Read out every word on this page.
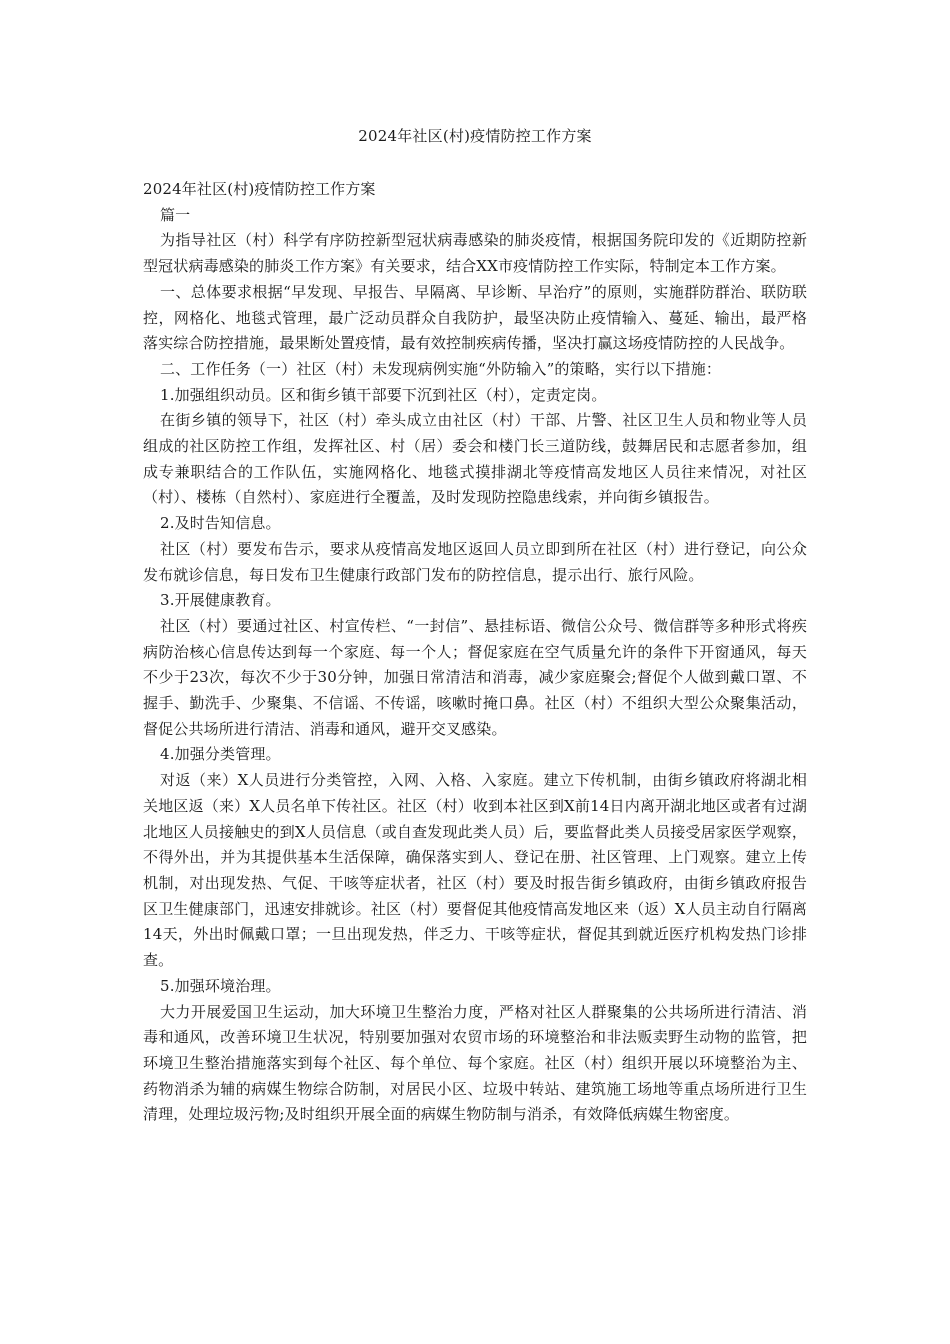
2024年社区(村)疫情防控工作方案

2024年社区(村)疫情防控工作方案

篇一

为指导社区（村）科学有序防控新型冠状病毒感染的肺炎疫情，根据国务院印发的《近期防控新型冠状病毒感染的肺炎工作方案》有关要求，结合XX市疫情防控工作实际，特制定本工作方案。

一、总体要求根据“早发现、早报告、早隔离、早诊断、早治疗”的原则，实施群防群治、联防联控，网格化、地毯式管理，最广泛动员群众自我防护，最坚决防止疫情输入、蔓延、输出，最严格落实综合防控措施，最果断处置疫情，最有效控制疾病传播，坚决打赢这场疫情防控的人民战争。

二、工作任务（一）社区（村）未发现病例实施“外防输入”的策略，实行以下措施：

1.加强组织动员。区和街乡镇干部要下沉到社区（村），定责定岗。

在街乡镇的领导下，社区（村）牵头成立由社区（村）干部、片警、社区卫生人员和物业等人员组成的社区防控工作组，发挥社区、村（居）委会和楼门长三道防线，鼓舞居民和志愿者参加，组成专兼职结合的工作队伍，实施网格化、地毯式摸排湖北等疫情高发地区人员往来情况，对社区（村）、楼栋（自然村）、家庭进行全覆盖，及时发现防控隐患线索，并向街乡镇报告。

2.及时告知信息。

社区（村）要发布告示，要求从疫情高发地区返回人员立即到所在社区（村）进行登记，向公众发布就诊信息，每日发布卫生健康行政部门发布的防控信息，提示出行、旅行风险。

3.开展健康教育。

社区（村）要通过社区、村宣传栏、“一封信”、悬挂标语、微信公众号、微信群等多种形式将疾病防治核心信息传达到每一个家庭、每一个人；督促家庭在空气质量允许的条件下开窗通风，每天不少于23次，每次不少于30分钟，加强日常清洁和消毒，减少家庭聚会;督促个人做到戴口罩、不握手、勤洗手、少聚集、不信谣、不传谣，咳嗽时掩口鼻。社区（村）不组织大型公众聚集活动，督促公共场所进行清洁、消毒和通风，避开交叉感染。

4.加强分类管理。

对返（来）X人员进行分类管控，入网、入格、入家庭。建立下传机制，由街乡镇政府将湖北相关地区返（来）X人员名单下传社区。社区（村）收到本社区到X前14日内离开湖北地区或者有过湖北地区人员接触史的到X人员信息（或自查发现此类人员）后，要监督此类人员接受居家医学观察，不得外出，并为其提供基本生活保障，确保落实到人、登记在册、社区管理、上门观察。建立上传机制，对出现发热、气促、干咳等症状者，社区（村）要及时报告街乡镇政府，由街乡镇政府报告区卫生健康部门，迅速安排就诊。社区（村）要督促其他疫情高发地区来（返）X人员主动自行隔离14天，外出时佩戴口罩；一旦出现发热，伴乏力、干咳等症状，督促其到就近医疗机构发热门诊排查。

5.加强环境治理。

大力开展爱国卫生运动，加大环境卫生整治力度，严格对社区人群聚集的公共场所进行清洁、消毒和通风，改善环境卫生状况，特别要加强对农贸市场的环境整治和非法贩卖野生动物的监管，把环境卫生整治措施落实到每个社区、每个单位、每个家庭。社区（村）组织开展以环境整治为主、药物消杀为辅的病媒生物综合防制，对居民小区、垃圾中转站、建筑施工场地等重点场所进行卫生清理，处理垃圾污物;及时组织开展全面的病媒生物防制与消杀，有效降低病媒生物密度。
